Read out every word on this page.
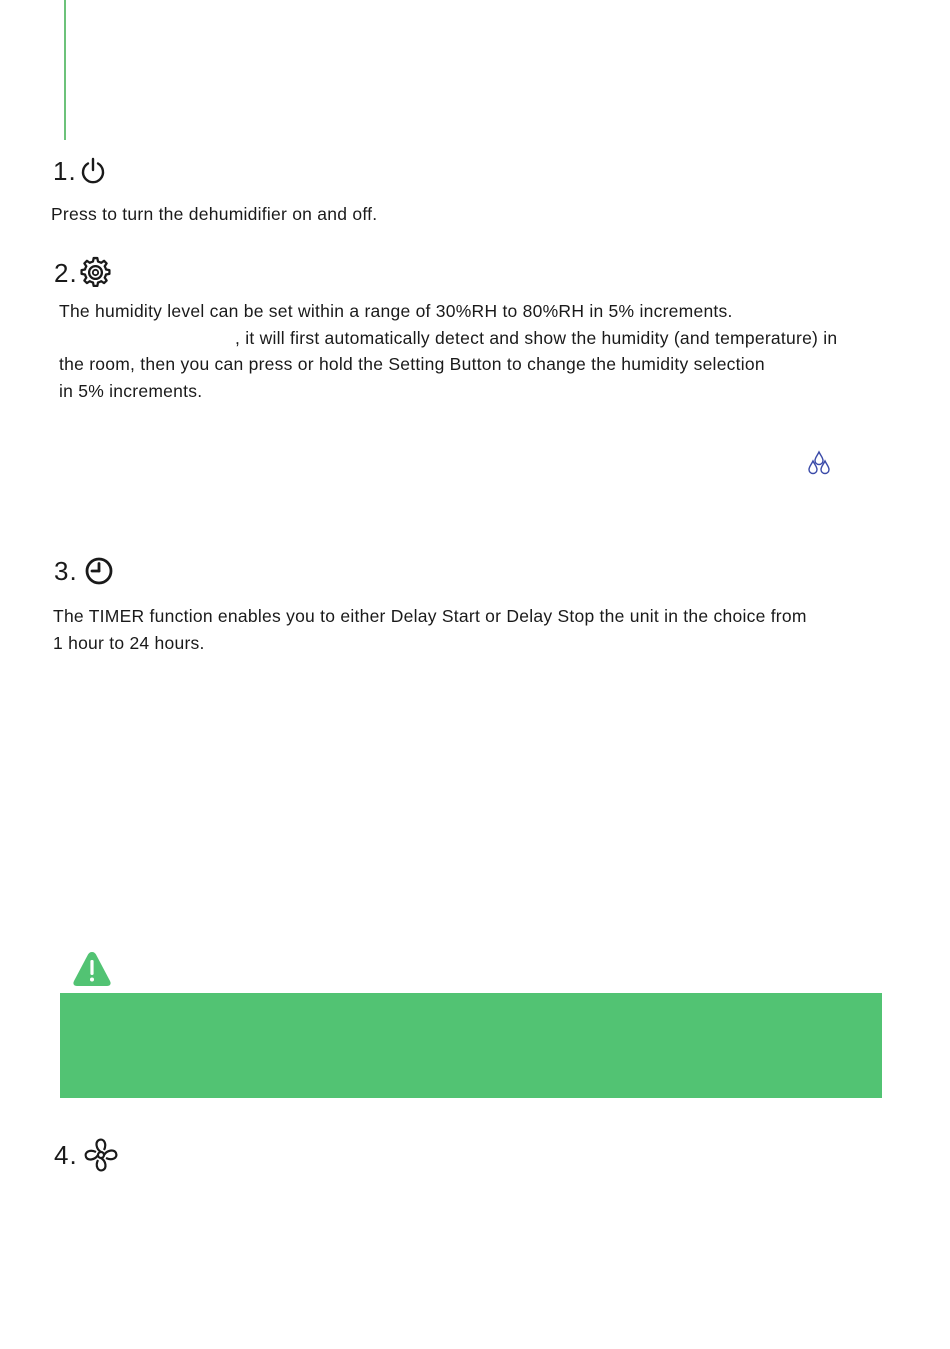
1.

Press to turn the dehumidifier on and off.

2.

The humidity level can be set within a range of 30%RH to 80%RH in 5% increments.
, it will first automatically detect and show the humidity (and temperature) in
the room, then you can press or hold the Setting Button to change the humidity selection
in 5% increments.

3.

The TIMER function enables you to either Delay Start or Delay Stop the unit in the choice from
1 hour to 24 hours.

4.
